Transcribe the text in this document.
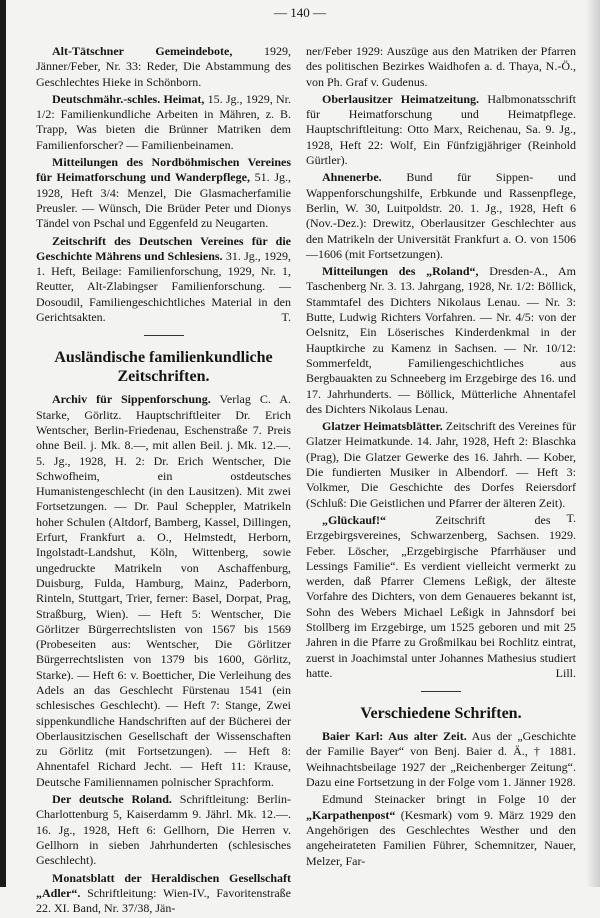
— 140 —

Alt-Tätschner Gemeindebote, 1929, Jänner/Feber, Nr. 33: Reder, Die Abstammung des Geschlechtes Hieke in Schönborn.

Deutschmähr.-schles. Heimat, 15. Jg., 1929, Nr. 1/2: Familienkundliche Arbeiten in Mähren, z. B. Trapp, Was bieten die Brünner Matriken dem Familienforscher? — Familienbeinamen.

Mitteilungen des Nordböhmischen Vereines für Heimatforschung und Wanderpflege, 51. Jg., 1928, Heft 3/4: Menzel, Die Glasmacherfamilie Preusler. — Wünsch, Die Brüder Peter und Dionys Tändel von Pschal und Eggenfeld zu Neugarten.

Zeitschrift des Deutschen Vereines für die Geschichte Mährens und Schlesiens. 31. Jg., 1929, 1. Heft, Beilage: Familienforschung, 1929, Nr. 1, Reutter, Alt-Zlabingser Familienforschung. — Dosoudil, Familiengeschichtliches Material in den Gerichtsakten.	T.

Ausländische familienkundliche Zeitschriften.

Archiv für Sippenforschung. Verlag C. A. Starke, Görlitz. Hauptschriftleiter Dr. Erich Wentscher, Berlin-Friedenau, Eschenstraße 7. Preis ohne Beil. j. Mk. 8.—, mit allen Beil. j. Mk. 12.—. 5. Jg., 1928, H. 2: Dr. Erich Wentscher, Die Schwofheim, ein ostdeutsches Humanistengeschlecht (in den Lausitzen). Mit zwei Fortsetzungen. — Dr. Paul Scheppler, Matrikeln hoher Schulen (Altdorf, Bamberg, Kassel, Dillingen, Erfurt, Frankfurt a. O., Helmstedt, Herborn, Ingolstadt-Landshut, Köln, Wittenberg, sowie ungedruckte Matrikeln von Aschaffenburg, Duisburg, Fulda, Hamburg, Mainz, Paderborn, Rinteln, Stuttgart, Trier, ferner: Basel, Dorpat, Prag, Straßburg, Wien). — Heft 5: Wentscher, Die Görlitzer Bürgerrechtslisten von 1567 bis 1569 (Probeseiten aus: Wentscher, Die Görlitzer Bürgerrechtslisten von 1379 bis 1600, Görlitz, Starke). — Heft 6: v. Boetticher, Die Verleihung des Adels an das Geschlecht Fürstenau 1541 (ein schlesisches Geschlecht). — Heft 7: Stange, Zwei sippenkundliche Handschriften auf der Bücherei der Oberlausitzischen Gesellschaft der Wissenschaften zu Görlitz (mit Fortsetzungen). — Heft 8: Ahnentafel Richard Jecht. — Heft 11: Krause, Deutsche Familiennamen polnischer Sprachform.

Der deutsche Roland. Schriftleitung: Berlin-Charlottenburg 5, Kaiserdamm 9. Jährl. Mk. 12.—. 16. Jg., 1928, Heft 6: Gellhorn, Die Herren v. Gellhorn in sieben Jahrhunderten (schlesisches Geschlecht).

Monatsblatt der Heraldischen Gesellschaft „Adler“. Schriftleitung: Wien-IV., Favoritenstraße 22. XI. Band, Nr. 37/38, Jän-

ner/Feber 1929: Auszüge aus den Matriken der Pfarren des politischen Bezirkes Waidhofen a. d. Thaya, N.-Ö., von Ph. Graf v. Gudenus.

Oberlausitzer Heimatzeitung. Halbmonatsschrift für Heimatforschung und Heimatpflege. Hauptschriftleitung: Otto Marx, Reichenau, Sa. 9. Jg., 1928, Heft 22: Wolf, Ein Fünfzigjähriger (Reinhold Gürtler).

Ahnenerbe. Bund für Sippen- und Wappenforschungshilfe, Erbkunde und Rassenpflege, Berlin, W. 30, Luitpoldstr. 20. 1. Jg., 1928, Heft 6 (Nov.-Dez.): Drewitz, Oberlausitzer Geschlechter aus den Matrikeln der Universität Frankfurt a. O. von 1506—1606 (mit Fortsetzungen).

Mitteilungen des „Roland“, Dresden-A., Am Taschenberg Nr. 3. 13. Jahrgang, 1928, Nr. 1/2: Böllick, Stammtafel des Dichters Nikolaus Lenau. — Nr. 3: Butte, Ludwig Richters Vorfahren. — Nr. 4/5: von der Oelsnitz, Ein Löserisches Kinderdenkmal in der Hauptkirche zu Kamenz in Sachsen. — Nr. 10/12: Sommerfeldt, Familiengeschichtliches aus Bergbauakten zu Schneeberg im Erzgebirge des 16. und 17. Jahrhunderts. — Böllick, Mütterliche Ahnentafel des Dichters Nikolaus Lenau.

Glatzer Heimatsblätter. Zeitschrift des Vereines für Glatzer Heimatkunde. 14. Jahr, 1928, Heft 2: Blaschka (Prag), Die Glatzer Gewerke des 16. Jahrh. — Kober, Die fundierten Musiker in Albendorf. — Heft 3: Volkmer, Die Geschichte des Dorfes Reiersdorf (Schluß: Die Geistlichen und Pfarrer der älteren Zeit).
T.

„Glückauf!“ Zeitschrift des Erzgebirgsvereines, Schwarzenberg, Sachsen. 1929. Feber. Löscher, „Erzgebirgische Pfarrhäuser und Lessings Familie“. Es verdient vielleicht vermerkt zu werden, daß Pfarrer Clemens Leßigk, der älteste Vorfahre des Dichters, von dem Genaueres bekannt ist, Sohn des Webers Michael Leßigk in Jahnsdorf bei Stollberg im Erzgebirge, um 1525 geboren und mit 25 Jahren in die Pfarre zu Großmilkau bei Rochlitz eintrat, zuerst in Joachimstal unter Johannes Mathesius studiert hatte.	Lill.

Verschiedene Schriften.

Baier Karl: Aus alter Zeit. Aus der „Geschichte der Familie Bayer“ von Benj. Baier d. Ä., † 1881. Weihnachtsbeilage 1927 der „Reichenberger Zeitung“. Dazu eine Fortsetzung in der Folge vom 1. Jänner 1928.

Edmund Steinacker bringt in Folge 10 der „Karpathenpost“ (Kesmark) vom 9. März 1929 den Angehörigen des Geschlechtes Westher und den angeheirateten Familien Führer, Schemnitzer, Nauer, Melzer, Far-
